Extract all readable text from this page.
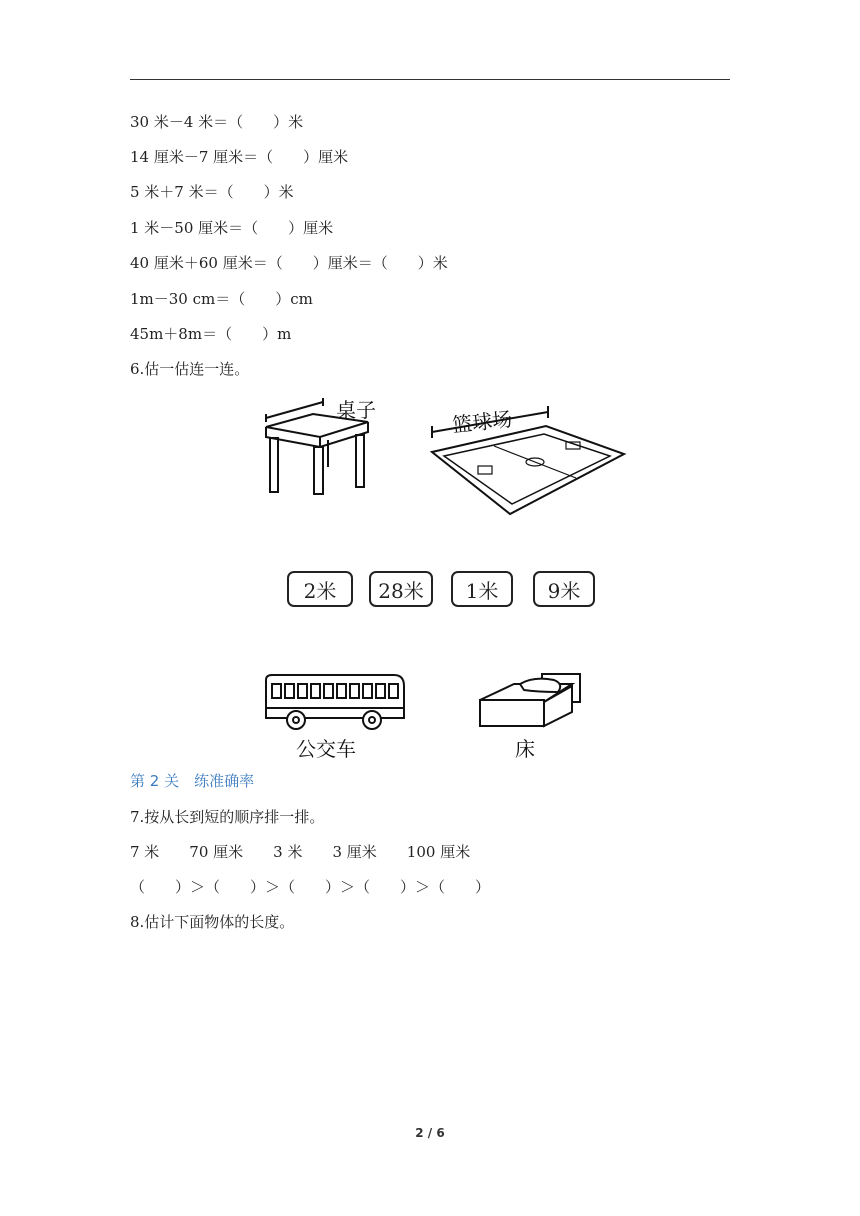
30 米－4 米＝（　　）米
14 厘米－7 厘米＝（　　）厘米
5 米＋7 米＝（　　）米
1 米－50 厘米＝（　　）厘米
40 厘米＋60 厘米＝（　　）厘米＝（　　）米
1m－30 cm＝（　　）cm
45m＋8m＝（　　）m
6.估一估连一连。
桌子	篮球场
2米	28米	1米	9米
公交车	床
第 2 关　练准确率
7.按从长到短的顺序排一排。
7 米　　70 厘米　　3 米　　3 厘米　　100 厘米
（　　）＞（　　）＞（　　）＞（　　）＞（　　）
8.估计下面物体的长度。
2 / 6
